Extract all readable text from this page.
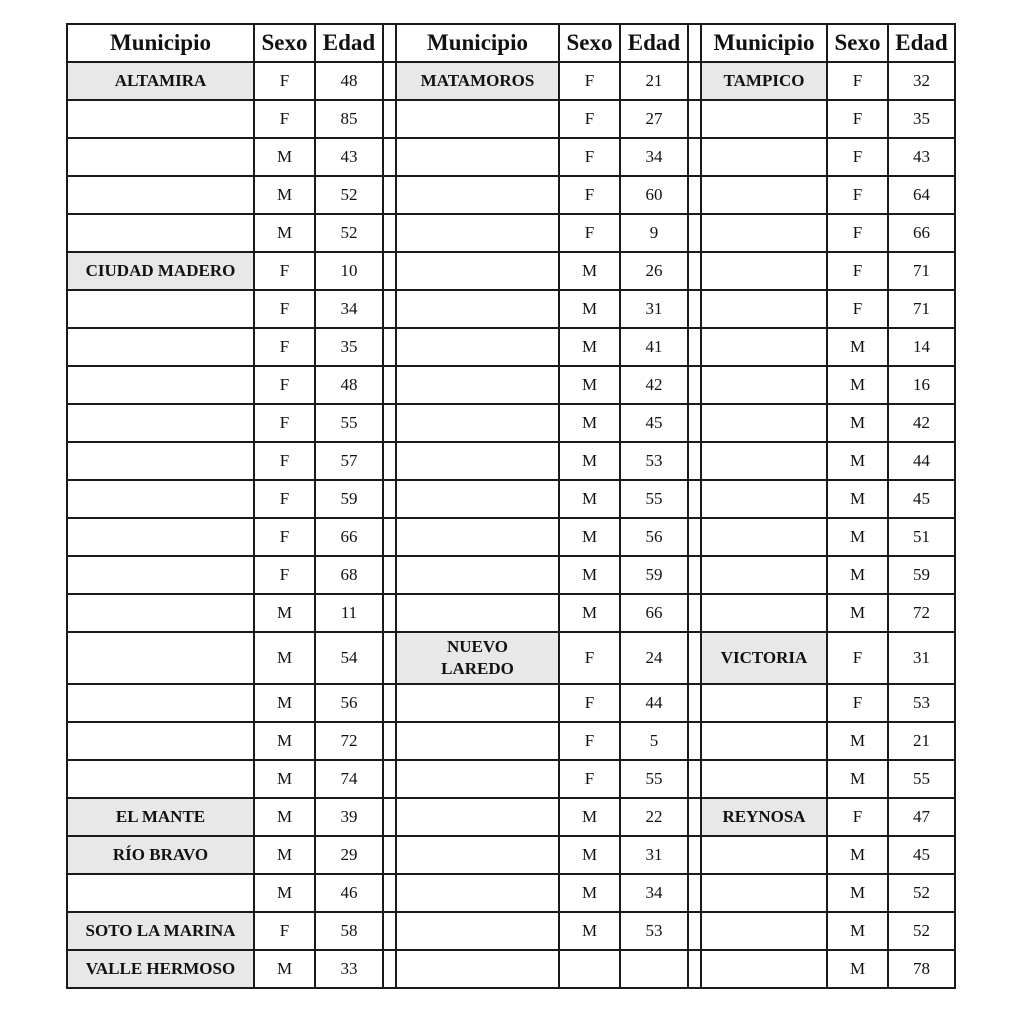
Municipio	Sexo	Edad		Municipio	Sexo	Edad		Municipio	Sexo	Edad
ALTAMIRA	F	48		MATAMOROS	F	21		TAMPICO	F	32
	F	85			F	27			F	35
	M	43			F	34			F	43
	M	52			F	60			F	64
	M	52			F	9			F	66
CIUDAD MADERO	F	10			M	26			F	71
	F	34			M	31			F	71
	F	35			M	41			M	14
	F	48			M	42			M	16
	F	55			M	45			M	42
	F	57			M	53			M	44
	F	59			M	55			M	45
	F	66			M	56			M	51
	F	68			M	59			M	59
	M	11			M	66			M	72
	M	54		NUEVO LAREDO	F	24		VICTORIA	F	31
	M	56			F	44			F	53
	M	72			F	5			M	21
	M	74			F	55			M	55
EL MANTE	M	39			M	22		REYNOSA	F	47
RÍO BRAVO	M	29			M	31			M	45
	M	46			M	34			M	52
SOTO LA MARINA	F	58			M	53			M	52
VALLE HERMOSO	M	33							M	78
